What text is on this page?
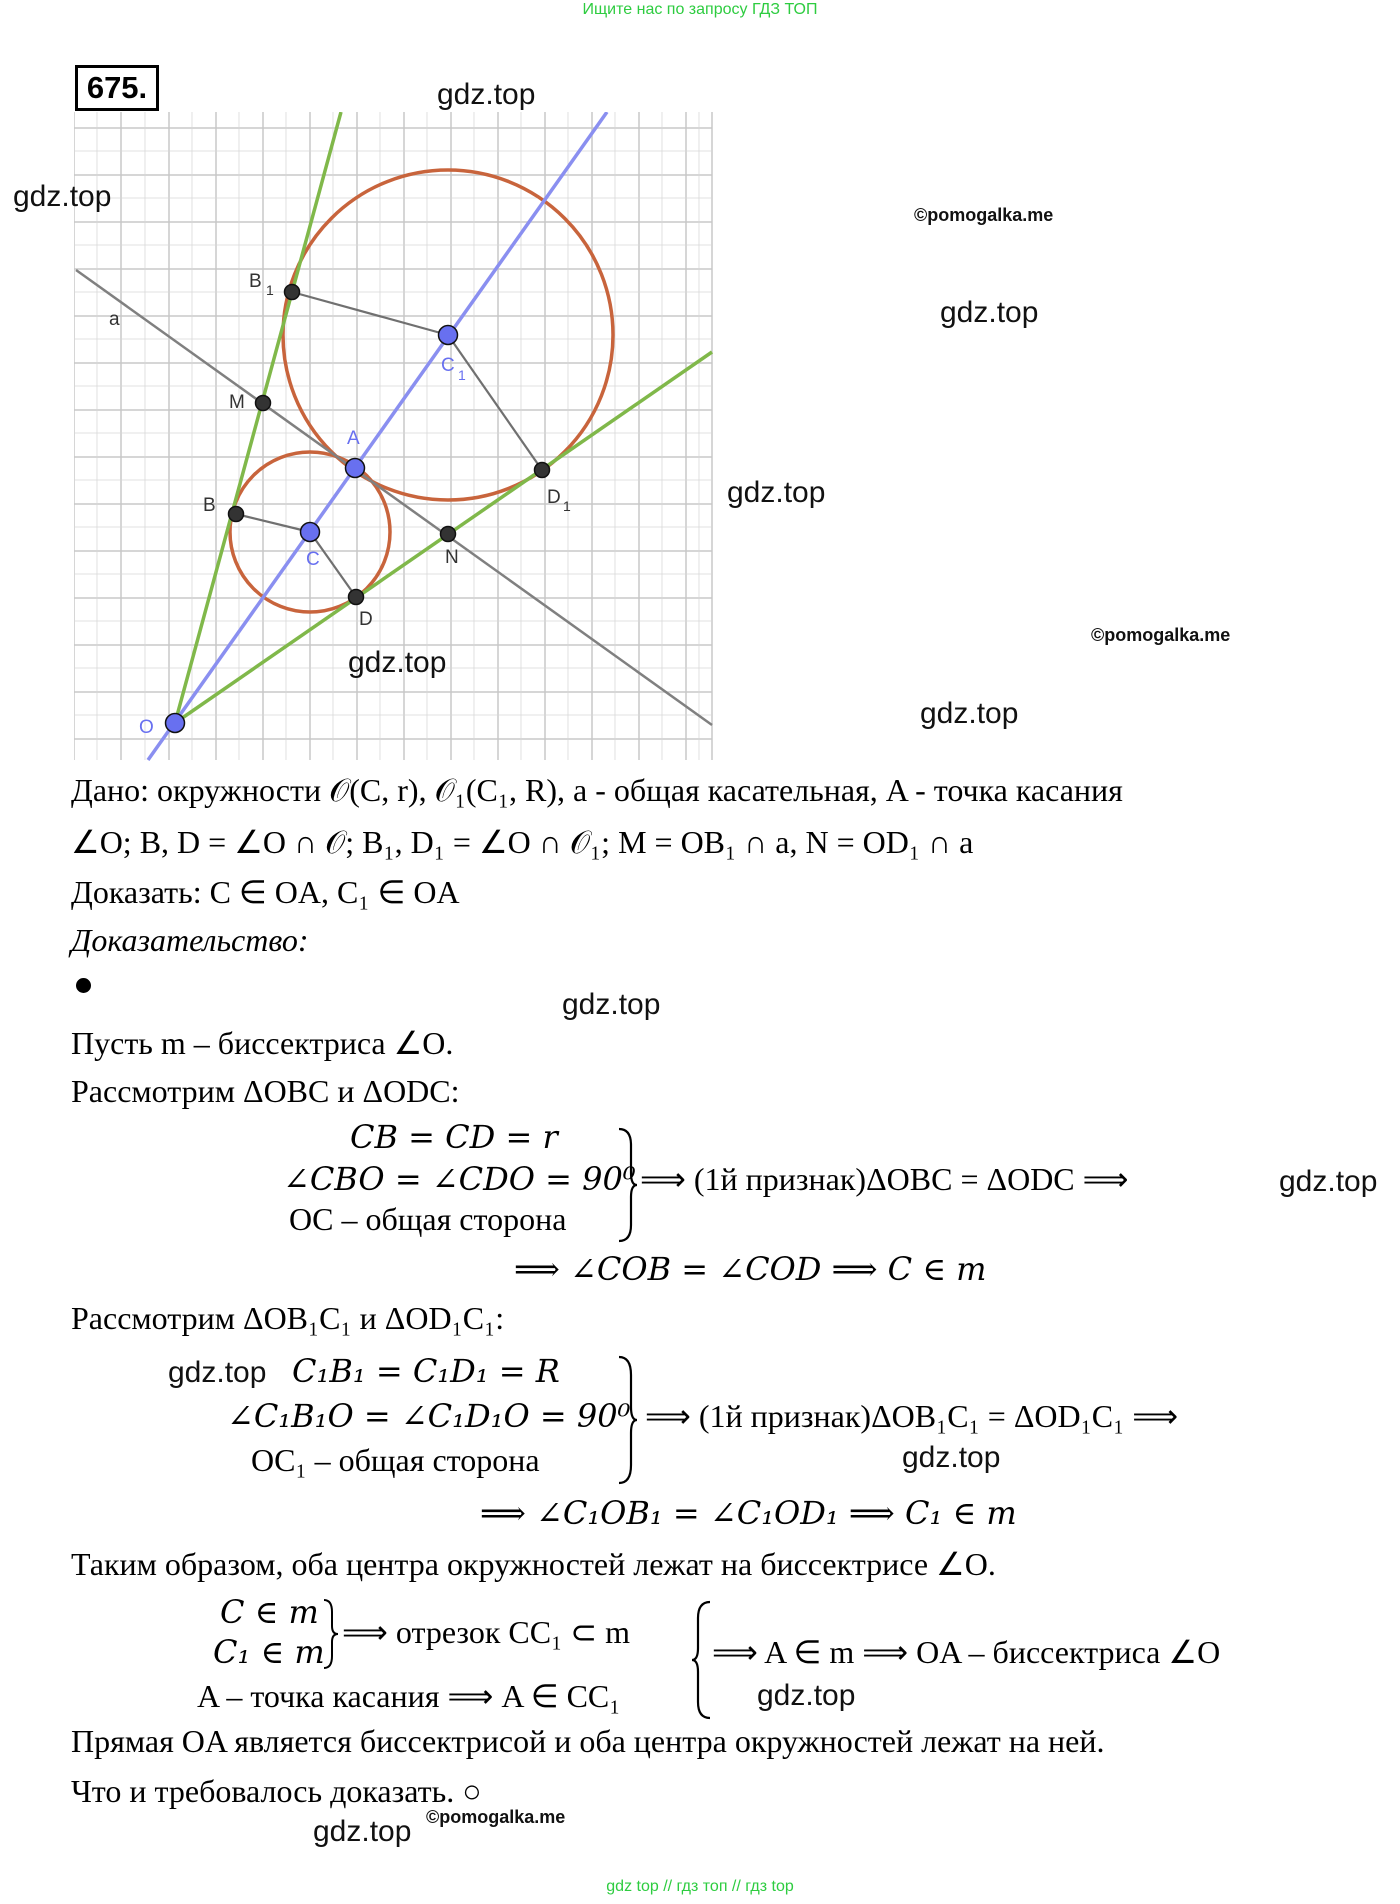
Ищите нас по запросу ГДЗ ТОП
675.
a
B 1
C 1
M
A
B
C
D 1
N
D
O
gdz.top
gdz.top
©pomogalka.me
gdz.top
gdz.top
©pomogalka.me
gdz.top
gdz.top
Дано: окружности 𝒪(C, r), 𝒪₁(C₁, R), a - общая касательная, A - точка касания
∠O; B, D = ∠O ∩ 𝒪; B₁, D₁ = ∠O ∩ 𝒪₁; M = OB₁ ∩ a, N = OD₁ ∩ a
Доказать: C ∈ OA, C₁ ∈ OA
Доказательство:
gdz.top
Пусть m – биссектриса ∠O.
Рассмотрим ΔOBC и ΔODC:
CB = CD = r
∠CBO = ∠CDO = 90⁰
OC – общая сторона
⟹ (1й признак)ΔOBC = ΔODC ⟹	gdz.top
⟹ ∠COB = ∠COD ⟹ C ∈ m
Рассмотрим ΔOB₁C₁ и ΔOD₁C₁:
gdz.top C₁B₁ = C₁D₁ = R
∠C₁B₁O = ∠C₁D₁O = 90⁰
OC₁ – общая сторона
⟹ (1й признак)ΔOB₁C₁ = ΔOD₁C₁ ⟹
gdz.top
⟹ ∠C₁OB₁ = ∠C₁OD₁ ⟹ C₁ ∈ m
Таким образом, оба центра окружностей лежат на биссектрисе ∠O.
C ∈ m
C₁ ∈ m
⟹ отрезок CC₁ ⊂ m
A – точка касания ⟹ A ∈ CC₁
⟹ A ∈ m ⟹ OA – биссектриса ∠O
gdz.top
Прямая OA является биссектрисой и оба центра окружностей лежат на ней.
Что и требовалось доказать. ○
©pomogalka.me
gdz.top
gdz top // гдз топ // гдз top
